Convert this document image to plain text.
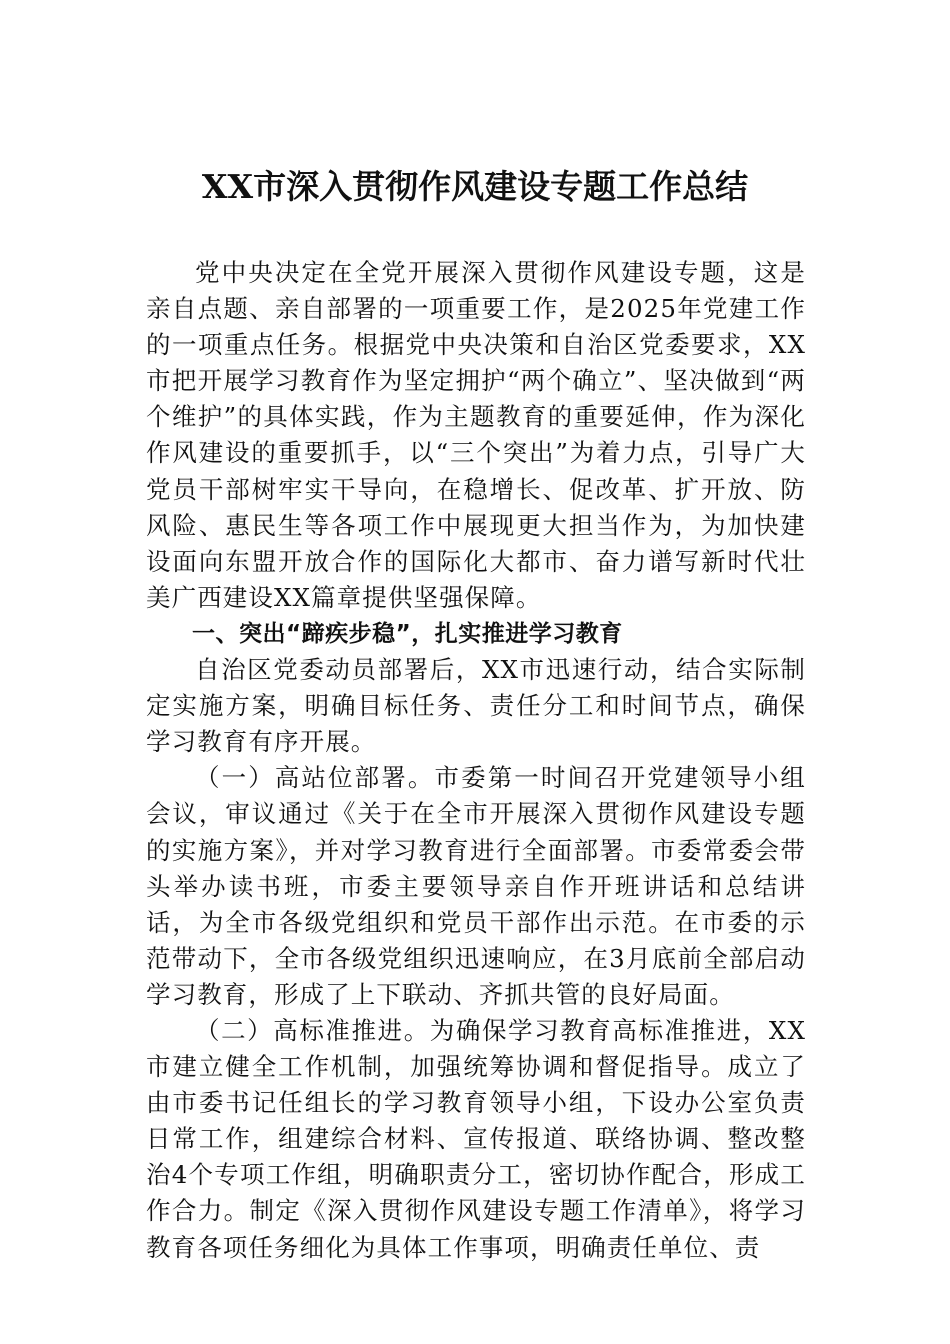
XX市深入贯彻作风建设专题工作总结

党中央决定在全党开展深入贯彻作风建设专题，这是亲自点题、亲自部署的一项重要工作，是2025年党建工作的一项重点任务。根据党中央决策和自治区党委要求，XX市把开展学习教育作为坚定拥护“两个确立”、坚决做到“两个维护”的具体实践，作为主题教育的重要延伸，作为深化作风建设的重要抓手，以“三个突出”为着力点，引导广大党员干部树牢实干导向，在稳增长、促改革、扩开放、防风险、惠民生等各项工作中展现更大担当作为，为加快建设面向东盟开放合作的国际化大都市、奋力谱写新时代壮美广西建设XX篇章提供坚强保障。

一、突出“蹄疾步稳”，扎实推进学习教育

自治区党委动员部署后，XX市迅速行动，结合实际制定实施方案，明确目标任务、责任分工和时间节点，确保学习教育有序开展。

（一）高站位部署。市委第一时间召开党建领导小组会议，审议通过《关于在全市开展深入贯彻作风建设专题的实施方案》，并对学习教育进行全面部署。市委常委会带头举办读书班，市委主要领导亲自作开班讲话和总结讲话，为全市各级党组织和党员干部作出示范。在市委的示范带动下，全市各级党组织迅速响应，在3月底前全部启动学习教育，形成了上下联动、齐抓共管的良好局面。

（二）高标准推进。为确保学习教育高标准推进，XX市建立健全工作机制，加强统筹协调和督促指导。成立了由市委书记任组长的学习教育领导小组，下设办公室负责日常工作，组建综合材料、宣传报道、联络协调、整改整治4个专项工作组，明确职责分工，密切协作配合，形成工作合力。制定《深入贯彻作风建设专题工作清单》，将学习教育各项任务细化为具体工作事项，明确责任单位、责
